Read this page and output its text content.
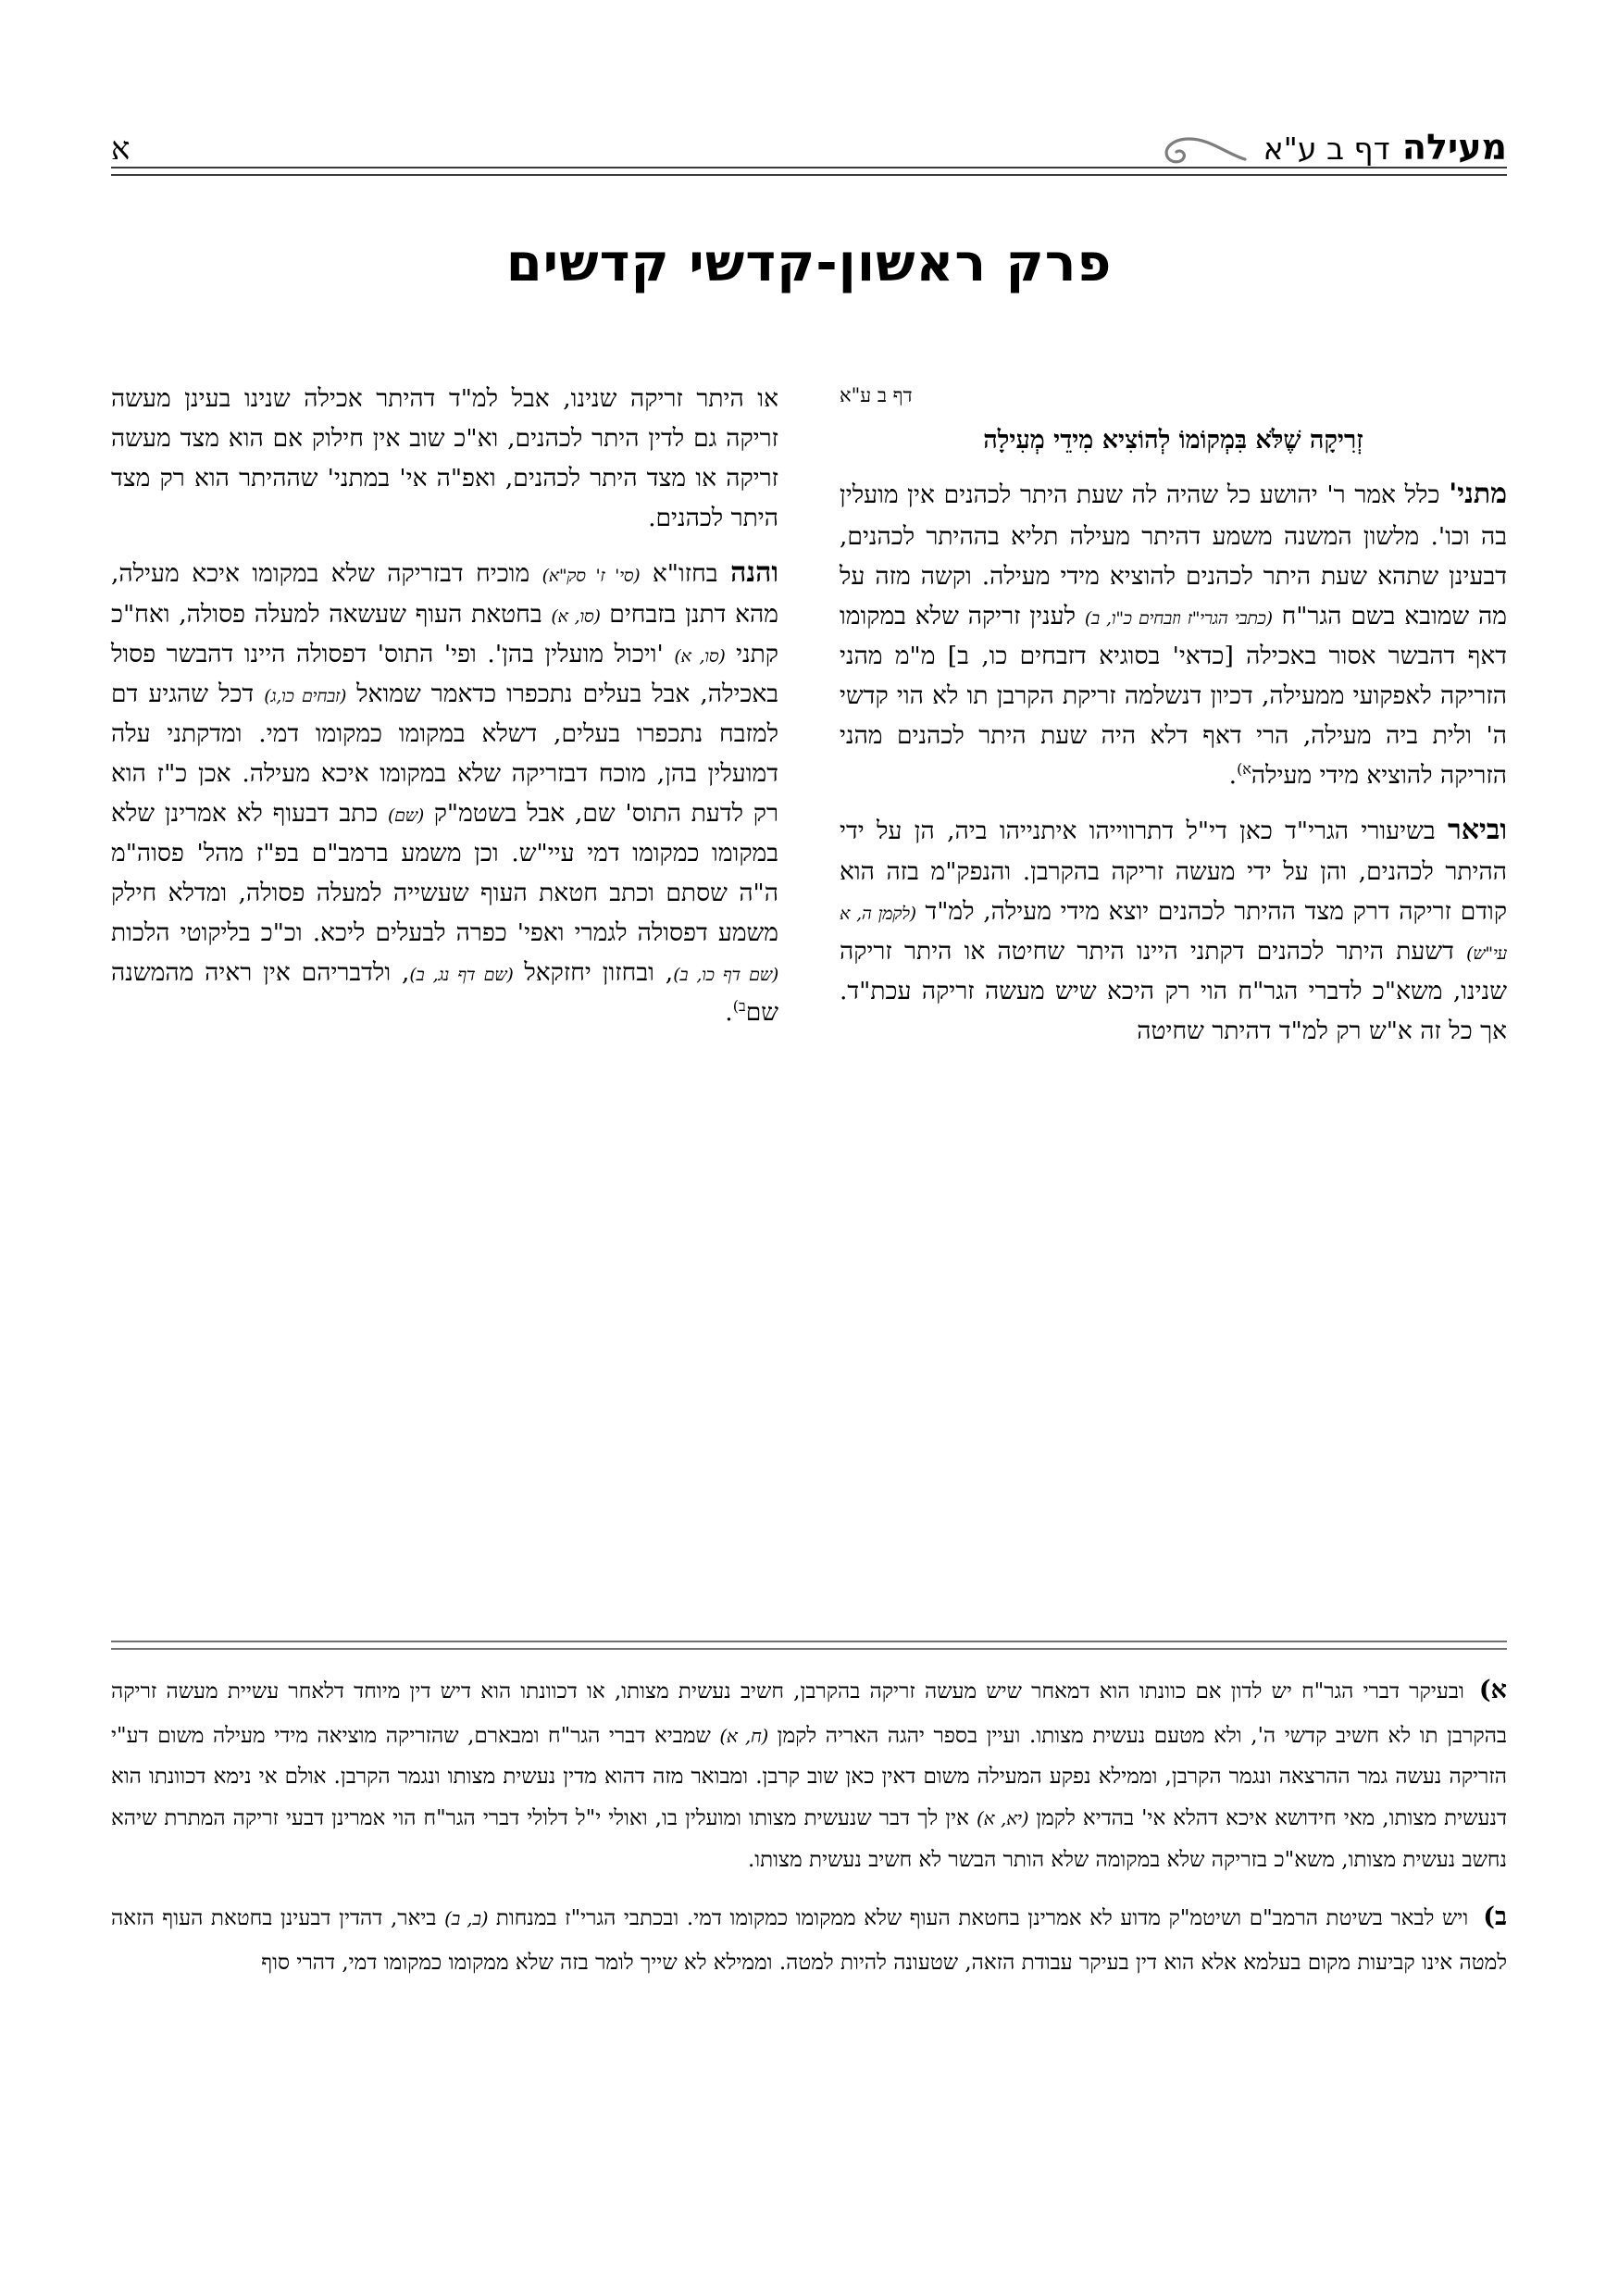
מעילה דף ב ע"א
א
פרק ראשון-קדשי קדשים
דף ב ע"א
זְרִיקָה שֶׁלֹּא בִּמְקוֹמוֹ לְהוֹצִיא מִידֵי מְעִילָה

מתני' כלל אמר ר' יהושע כל שהיה לה שעת היתר לכהנים אין מועלין בה וכו'. מלשון המשנה משמע דהיתר מעילה תליא בההיתר לכהנים, דבעינן שתהא שעת היתר לכהנים להוציא מידי מעילה. וקשה מזה על מה שמובא בשם הגר"ח (כתבי הגרי"ז וזבחים כ"ו, ב) לענין זריקה שלא במקומו דאף דהבשר אסור באכילה [כדאי' בסוגיא דזבחים כו, ב] מ"מ מהני הזריקה לאפקועי ממעילה, דכיון דנשלמה זריקת הקרבן תו לא הוי קדשי ה' ולית ביה מעילה, הרי דאף דלא היה שעת היתר לכהנים מהני הזריקה להוציא מידי מעילה$^{א)}$.

וביאר בשיעורי הגרי"ד כאן די"ל דתרווייהו איתנייהו ביה, הן על ידי ההיתר לכהנים, והן על ידי מעשה זריקה בהקרבן. והנפק"מ בזה הוא קודם זריקה דרק מצד ההיתר לכהנים יוצא מידי מעילה, למ"ד (לקמן ה, א עי"ש) דשעת היתר לכהנים דקתני היינו היתר שחיטה או היתר זריקה שנינו, משא"כ לדברי הגר"ח הוי רק היכא שיש מעשה זריקה עכת"ד. אך כל זה א"ש רק למ"ד דהיתר שחיטה

או היתר זריקה שנינו, אבל למ"ד דהיתר אכילה שנינו בעינן מעשה זריקה גם לדין היתר לכהנים, וא"כ שוב אין חילוק אם הוא מצד מעשה זריקה או מצד היתר לכהנים, ואפ"ה אי' במתני' שההיתר הוא רק מצד היתר לכהנים.

והנה בחזו"א (סי' ז' סק"א) מוכיח דבזריקה שלא במקומו איכא מעילה, מהא דתנן בזבחים (סו, א) בחטאת העוף שעשאה למעלה פסולה, ואח"כ קתני (סו, א) 'ויכול מועלין בהן'. ופי' התוס' דפסולה היינו דהבשר פסול באכילה, אבל בעלים נתכפרו כדאמר שמואל (זבחים כו,ג) דכל שהגיע דם למזבח נתכפרו בעלים, דשלא במקומו כמקומו דמי. ומדקתני עלה דמועלין בהן, מוכח דבזריקה שלא במקומו איכא מעילה. אכן כ"ז הוא רק לדעת התוס' שם, אבל בשטמ"ק (שם) כתב דבעוף לא אמרינן שלא במקומו כמקומו דמי עיי"ש. וכן משמע ברמב"ם בפ"ז מהל' פסוה"מ ה"ה שסתם וכתב חטאת העוף שעשייה למעלה פסולה, ומדלא חילק משמע דפסולה לגמרי ואפי' כפרה לבעלים ליכא. וכ"כ בליקוטי הלכות (שם דף כו, ב), ובחזון יחזקאל (שם דף נג, ב), ולדבריהם אין ראיה מהמשנה שם$^{ב)}$.

א)ובעיקר דברי הגר"ח יש לדון אם כוונתו הוא דמאחר שיש מעשה זריקה בהקרבן, חשיב נעשית מצותו, או דכוונתו הוא דיש דין מיוחד דלאחר עשיית מעשה זריקה בהקרבן תו לא חשיב קדשי ה', ולא מטעם נעשית מצותו. ועיין בספר יהגה האריה לקמן (ח, א) שמביא דברי הגר"ח ומבארם, שהזריקה מוציאה מידי מעילה משום דע"י הזריקה נעשה גמר ההרצאה ונגמר הקרבן, וממילא נפקע המעילה משום דאין כאן שוב קרבן. ומבואר מזה דהוא מדין נעשית מצותו ונגמר הקרבן. אולם אי נימא דכוונתו הוא דנעשית מצותו, מאי חידושא איכא דהלא אי' בהדיא לקמן (יא, א) אין לך דבר שנעשית מצותו ומועלין בו, ואולי י"ל דלולי דברי הגר"ח הוי אמרינן דבעי זריקה המתרת שיהא נחשב נעשית מצותו, משא"כ בזריקה שלא במקומה שלא הותר הבשר לא חשיב נעשית מצותו.

ב)ויש לבאר בשיטת הרמב"ם ושיטמ"ק מדוע לא אמרינן בחטאת העוף שלא ממקומו כמקומו דמי. ובכתבי הגרי"ז במנחות (ב, ב) ביאר, דהדין דבעינן בחטאת העוף הזאה למטה אינו קביעות מקום בעלמא אלא הוא דין בעיקר עבודת הזאה, שטעונה להיות למטה. וממילא לא שייך לומר בזה שלא ממקומו כמקומו דמי, דהרי סוף
